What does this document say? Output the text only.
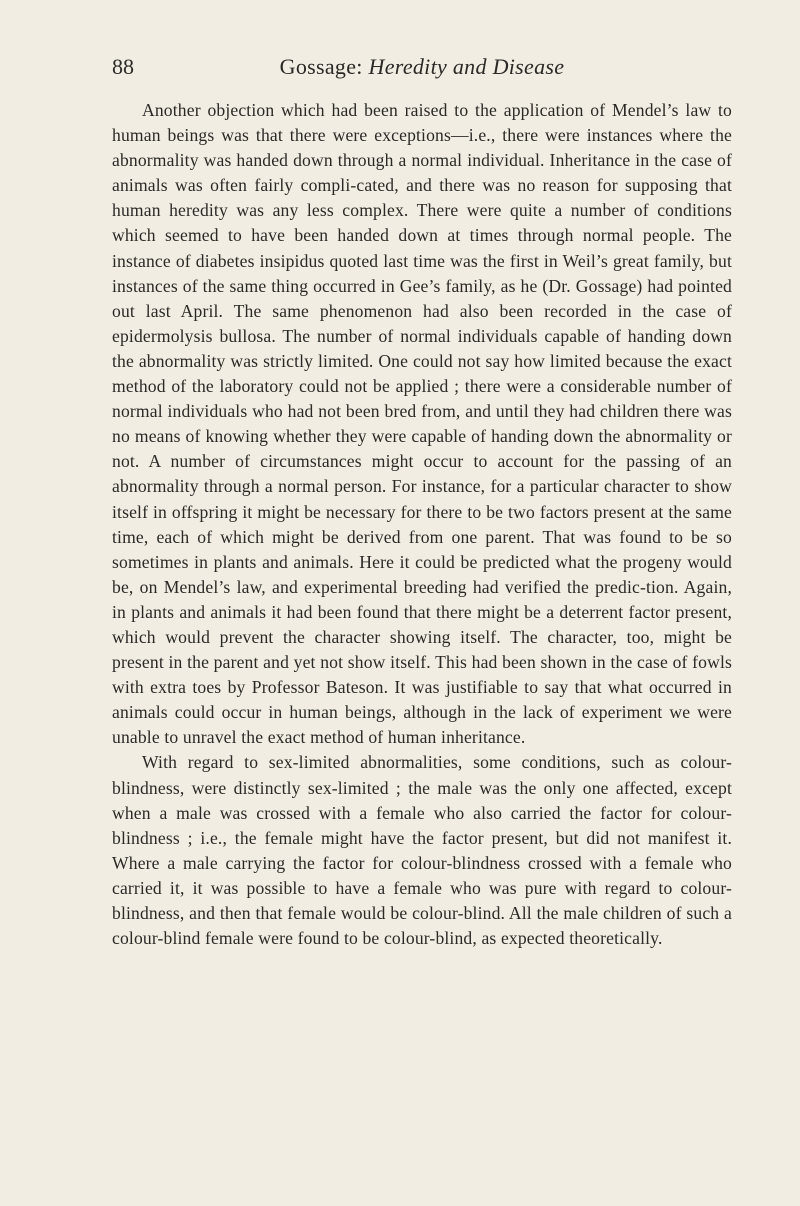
88	Gossage: Heredity and Disease

Another objection which had been raised to the application of Mendel’s law to human beings was that there were exceptions—i.e., there were instances where the abnormality was handed down through a normal individual. Inheritance in the case of animals was often fairly compli-cated, and there was no reason for supposing that human heredity was any less complex. There were quite a number of conditions which seemed to have been handed down at times through normal people. The instance of diabetes insipidus quoted last time was the first in Weil’s great family, but instances of the same thing occurred in Gee’s family, as he (Dr. Gossage) had pointed out last April. The same phenomenon had also been recorded in the case of epidermolysis bullosa. The number of normal individuals capable of handing down the abnormality was strictly limited. One could not say how limited because the exact method of the laboratory could not be applied ; there were a considerable number of normal individuals who had not been bred from, and until they had children there was no means of knowing whether they were capable of handing down the abnormality or not. A number of circumstances might occur to account for the passing of an abnormality through a normal person. For instance, for a particular character to show itself in offspring it might be necessary for there to be two factors present at the same time, each of which might be derived from one parent. That was found to be so sometimes in plants and animals. Here it could be predicted what the progeny would be, on Mendel’s law, and experimental breeding had verified the predic-tion. Again, in plants and animals it had been found that there might be a deterrent factor present, which would prevent the character showing itself. The character, too, might be present in the parent and yet not show itself. This had been shown in the case of fowls with extra toes by Professor Bateson. It was justifiable to say that what occurred in animals could occur in human beings, although in the lack of experiment we were unable to unravel the exact method of human inheritance.

With regard to sex-limited abnormalities, some conditions, such as colour-blindness, were distinctly sex-limited ; the male was the only one affected, except when a male was crossed with a female who also carried the factor for colour-blindness ; i.e., the female might have the factor present, but did not manifest it. Where a male carrying the factor for colour-blindness crossed with a female who carried it, it was possible to have a female who was pure with regard to colour-blindness, and then that female would be colour-blind. All the male children of such a colour-blind female were found to be colour-blind, as expected theoretically.
